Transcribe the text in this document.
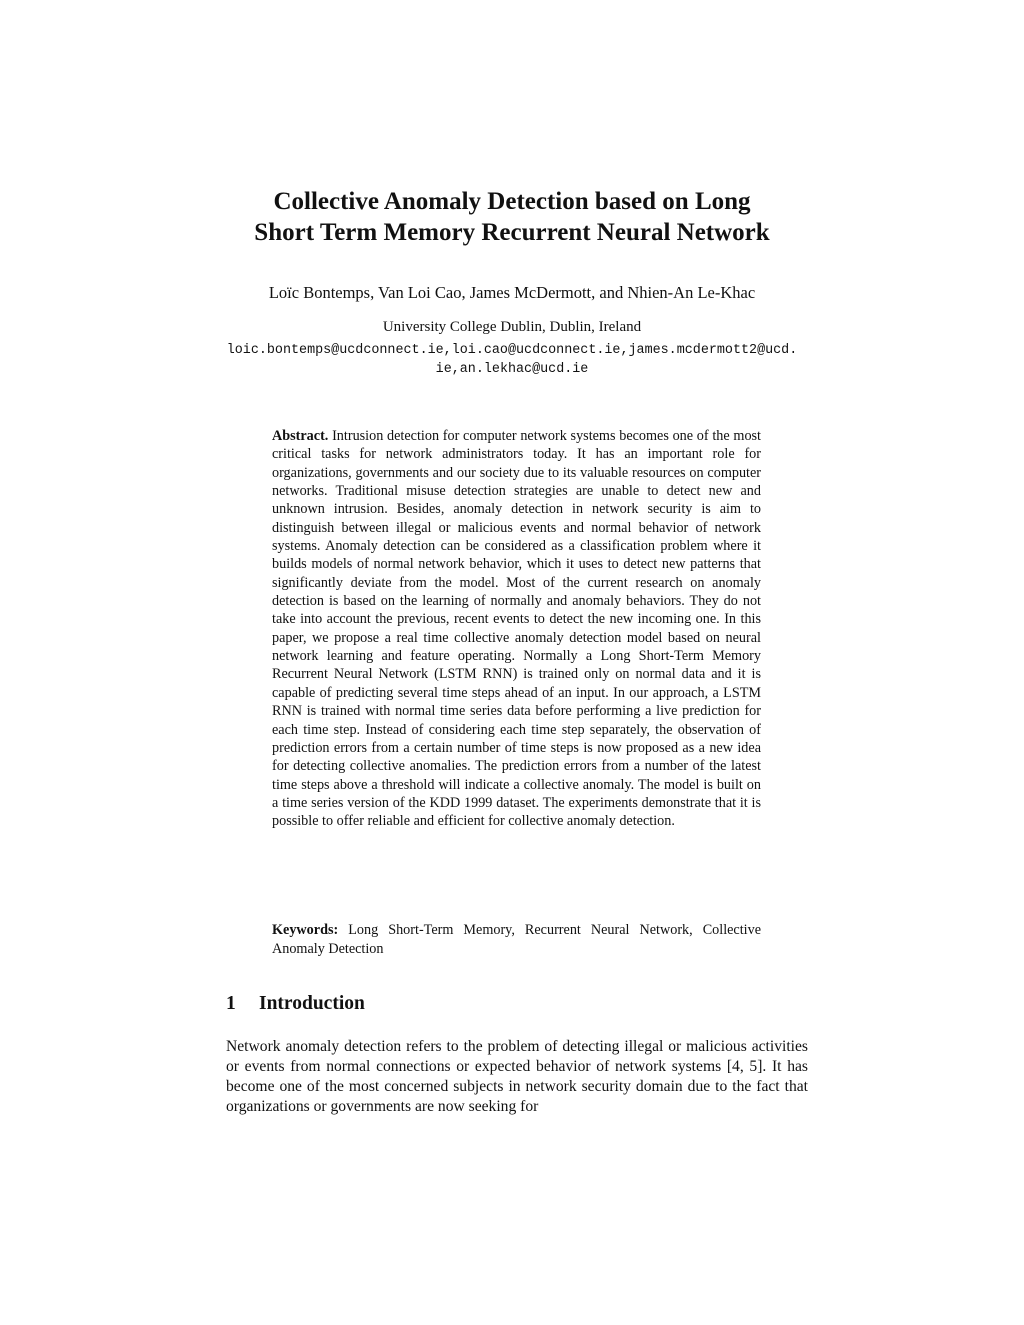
Collective Anomaly Detection based on Long
Short Term Memory Recurrent Neural Network
Loïc Bontemps, Van Loi Cao, James McDermott, and Nhien-An Le-Khac
University College Dublin, Dublin, Ireland
loic.bontemps@ucdconnect.ie,loi.cao@ucdconnect.ie,james.mcdermott2@ucd.
ie,an.lekhac@ucd.ie
Abstract. Intrusion detection for computer network systems becomes one of the most critical tasks for network administrators today. It has an important role for organizations, governments and our society due to its valuable resources on computer networks. Traditional misuse detection strategies are unable to detect new and unknown intrusion. Besides, anomaly detection in network security is aim to distinguish between illegal or malicious events and normal behavior of network systems. Anomaly detection can be considered as a classification problem where it builds models of normal network behavior, which it uses to detect new patterns that significantly deviate from the model. Most of the current research on anomaly detection is based on the learning of normally and anomaly behaviors. They do not take into account the previous, recent events to detect the new incoming one. In this paper, we propose a real time collective anomaly detection model based on neural network learning and feature operating. Normally a Long Short-Term Memory Recurrent Neural Network (LSTM RNN) is trained only on normal data and it is capable of predicting several time steps ahead of an input. In our approach, a LSTM RNN is trained with normal time series data before performing a live prediction for each time step. Instead of considering each time step separately, the observation of prediction errors from a certain number of time steps is now proposed as a new idea for detecting collective anomalies. The prediction errors from a number of the latest time steps above a threshold will indicate a collective anomaly. The model is built on a time series version of the KDD 1999 dataset. The experiments demonstrate that it is possible to offer reliable and efficient for collective anomaly detection.
Keywords: Long Short-Term Memory, Recurrent Neural Network, Collective Anomaly Detection
1 Introduction
Network anomaly detection refers to the problem of detecting illegal or malicious activities or events from normal connections or expected behavior of network systems [4, 5]. It has become one of the most concerned subjects in network security domain due to the fact that organizations or governments are now seeking for
